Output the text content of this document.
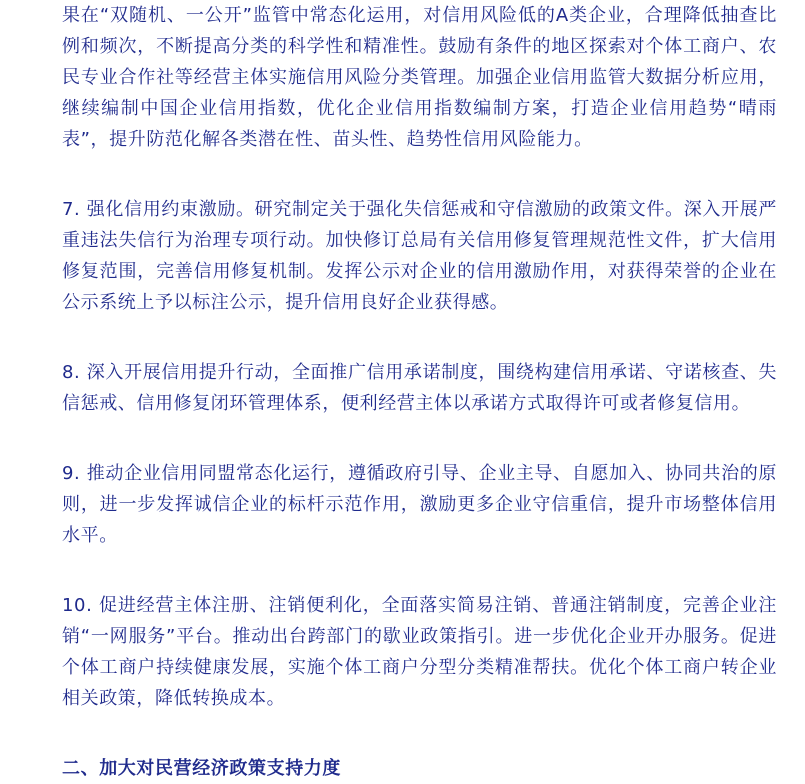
果在“双随机、一公开”监管中常态化运用，对信用风险低的A类企业，合理降低抽查比例和频次，不断提高分类的科学性和精准性。鼓励有条件的地区探索对个体工商户、农民专业合作社等经营主体实施信用风险分类管理。加强企业信用监管大数据分析应用，继续编制中国企业信用指数，优化企业信用指数编制方案，打造企业信用趋势“晴雨表”，提升防范化解各类潜在性、苗头性、趋势性信用风险能力。

7. 强化信用约束激励。研究制定关于强化失信惩戒和守信激励的政策文件。深入开展严重违法失信行为治理专项行动。加快修订总局有关信用修复管理规范性文件，扩大信用修复范围，完善信用修复机制。发挥公示对企业的信用激励作用，对获得荣誉的企业在公示系统上予以标注公示，提升信用良好企业获得感。

8. 深入开展信用提升行动，全面推广信用承诺制度，围绕构建信用承诺、守诺核查、失信惩戒、信用修复闭环管理体系，便利经营主体以承诺方式取得许可或者修复信用。

9. 推动企业信用同盟常态化运行，遵循政府引导、企业主导、自愿加入、协同共治的原则，进一步发挥诚信企业的标杆示范作用，激励更多企业守信重信，提升市场整体信用水平。

10. 促进经营主体注册、注销便利化，全面落实简易注销、普通注销制度，完善企业注销“一网服务”平台。推动出台跨部门的歇业政策指引。进一步优化企业开办服务。促进个体工商户持续健康发展，实施个体工商户分型分类精准帮扶。优化个体工商户转企业相关政策，降低转换成本。

二、加大对民营经济政策支持力度
